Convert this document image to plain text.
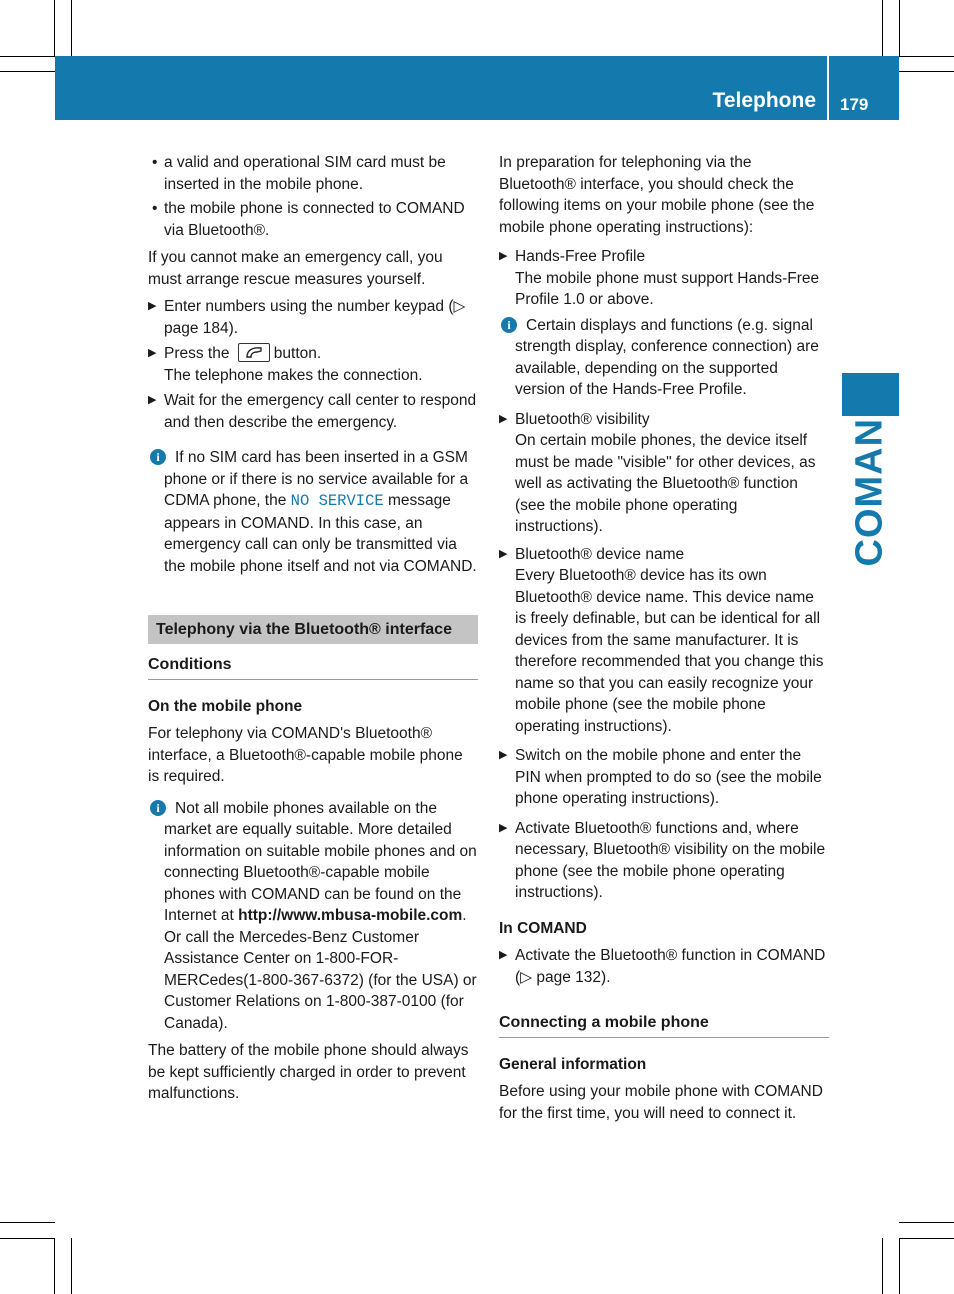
Telephone 179
COMAND
• a valid and operational SIM card must be inserted in the mobile phone.
• the mobile phone is connected to COMAND via Bluetooth®.

If you cannot make an emergency call, you must arrange rescue measures yourself.

▶ Enter numbers using the number keypad (▷ page 184).
▶ Press the	button.
The telephone makes the connection.
▶ Wait for the emergency call center to respond and then describe the emergency.
i If no SIM card has been inserted in a GSM phone or if there is no service available for a CDMA phone, the NO SERVICE message appears in COMAND. In this case, an emergency call can only be transmitted via the mobile phone itself and not via COMAND.
Telephony via the Bluetooth® interface
Conditions
On the mobile phone

For telephony via COMAND's Bluetooth® interface, a Bluetooth®-capable mobile phone is required.

i Not all mobile phones available on the market are equally suitable. More detailed information on suitable mobile phones and on connecting Bluetooth®-capable mobile phones with COMAND can be found on the Internet at http://www.mbusa-mobile.com. Or call the Mercedes-Benz Customer Assistance Center on 1-800-FOR-MERCedes(1-800-367-6372) (for the USA) or Customer Relations on 1-800-387-0100 (for Canada).

The battery of the mobile phone should always be kept sufficiently charged in order to prevent malfunctions.

In preparation for telephoning via the Bluetooth® interface, you should check the following items on your mobile phone (see the mobile phone operating instructions):

▶ Hands-Free Profile
The mobile phone must support Hands-Free Profile 1.0 or above.
i Certain displays and functions (e.g. signal strength display, conference connection) are available, depending on the supported version of the Hands-Free Profile.
▶ Bluetooth® visibility
On certain mobile phones, the device itself must be made "visible" for other devices, as well as activating the Bluetooth® function (see the mobile phone operating instructions).
▶ Bluetooth® device name
Every Bluetooth® device has its own Bluetooth® device name. This device name is freely definable, but can be identical for all devices from the same manufacturer. It is therefore recommended that you change this name so that you can easily recognize your mobile phone (see the mobile phone operating instructions).
▶ Switch on the mobile phone and enter the PIN when prompted to do so (see the mobile phone operating instructions).
▶ Activate Bluetooth® functions and, where necessary, Bluetooth® visibility on the mobile phone (see the mobile phone operating instructions).
In COMAND
▶ Activate the Bluetooth® function in COMAND (▷ page 132).
Connecting a mobile phone
General information

Before using your mobile phone with COMAND for the first time, you will need to connect it.
